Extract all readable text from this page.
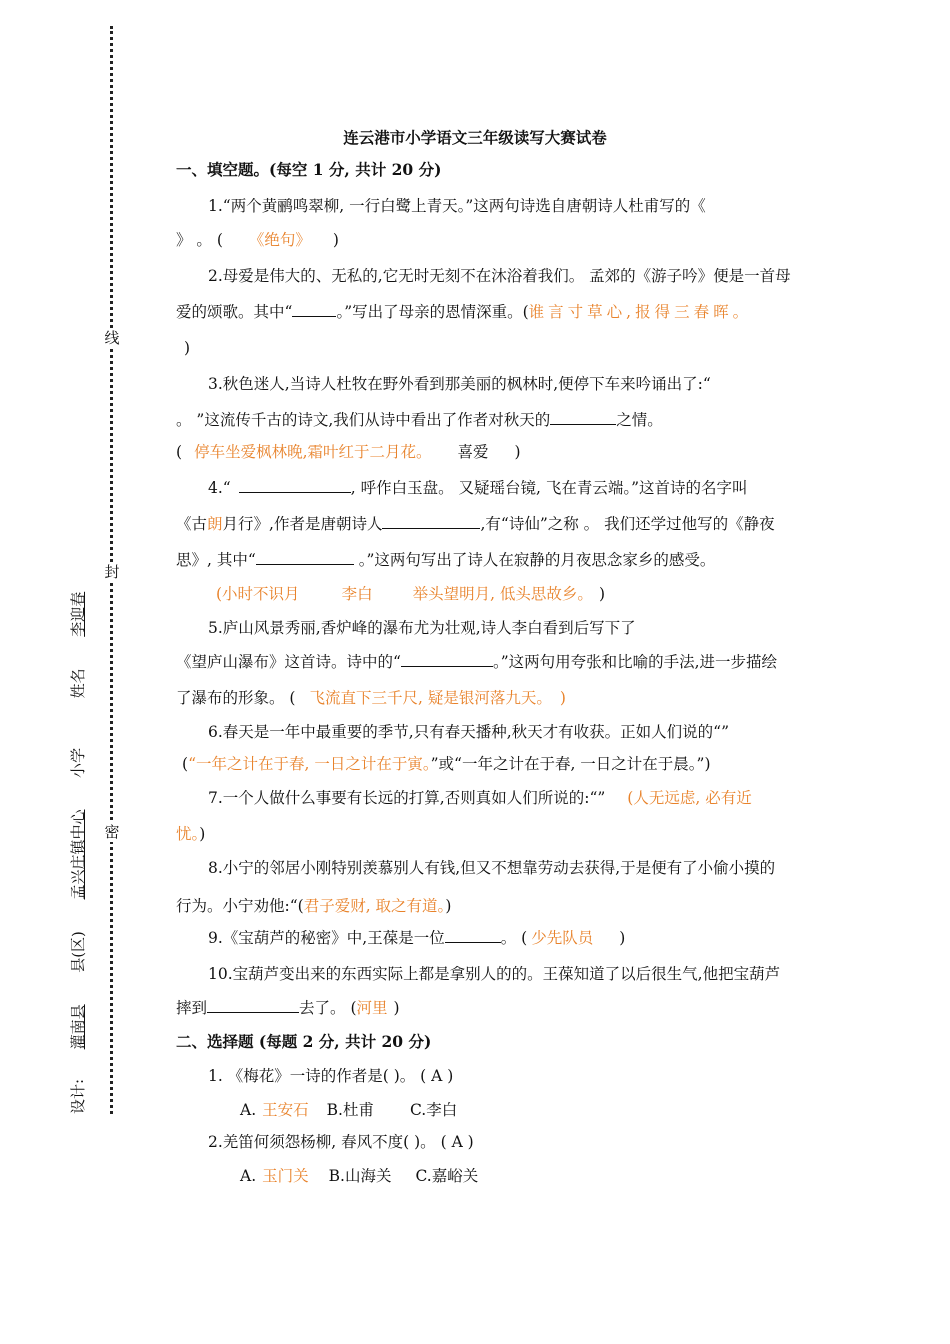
线
封
密
设计:  灌南县  县(区)  孟兴庄镇中心  小学  姓名  李迎春
连云港市小学语文三年级读写大赛试卷
一、填空题。(每空 1 分, 共计 20 分)
1.“两个黄鹂鸣翠柳, 一行白鹭上青天。”这两句诗选自唐朝诗人杜甫写的《
》 。 ( 《绝句》 )
2.母爱是伟大的、无私的,它无时无刻不在沐浴着我们。 孟郊的《游子吟》便是一首母
爱的颂歌。其中“	。”写出了母亲的恩情深重。(谁言寸草心,报得三春晖。
)
3.秋色迷人,当诗人杜牧在野外看到那美丽的枫林时,便停下车来吟诵出了:“
。 ”这流传千古的诗文,我们从诗中看出了作者对秋天的	之情。
( 停车坐爱枫林晚,霜叶红于二月花。 喜爱 )
4.“	, 呼作白玉盘。 又疑瑶台镜, 飞在青云端。”这首诗的名字叫
《古朗月行》,作者是唐朝诗人	,有“诗仙”之称 。 我们还学过他写的《静夜
思》, 其中“	。”这两句写出了诗人在寂静的月夜思念家乡的感受。
(小时不识月	李白	举头望明月, 低头思故乡。 )
5.庐山风景秀丽,香炉峰的瀑布尤为壮观,诗人李白看到后写下了
《望庐山瀑布》这首诗。诗中的“	。”这两句用夸张和比喻的手法,进一步描绘
了瀑布的形象。 ( 飞流直下三千尺, 疑是银河落九天。 )
6.春天是一年中最重要的季节,只有春天播种,秋天才有收获。正如人们说的“”
(“一年之计在于春, 一日之计在于寅。”或“一年之计在于春, 一日之计在于晨。”)
7.一个人做什么事要有长远的打算,否则真如人们所说的:“” (人无远虑, 必有近
忧。)
8.小宁的邻居小刚特别羡慕别人有钱,但又不想靠劳动去获得,于是便有了小偷小摸的
行为。小宁劝他:“(君子爱财, 取之有道。)
9.《宝葫芦的秘密》中,王葆是一位	。 ( 少先队员 )
10.宝葫芦变出来的东西实际上都是拿别人的的。王葆知道了以后很生气,他把宝葫芦
摔到	去了。 (河里 )
二、选择题 (每题 2 分, 共计 20 分)
1. 《梅花》一诗的作者是( )。 ( A )
A. 王安石 B.杜甫 C.李白
2.羌笛何须怨杨柳, 春风不度( )。 ( A )
A. 玉门关 B.山海关 C.嘉峪关
